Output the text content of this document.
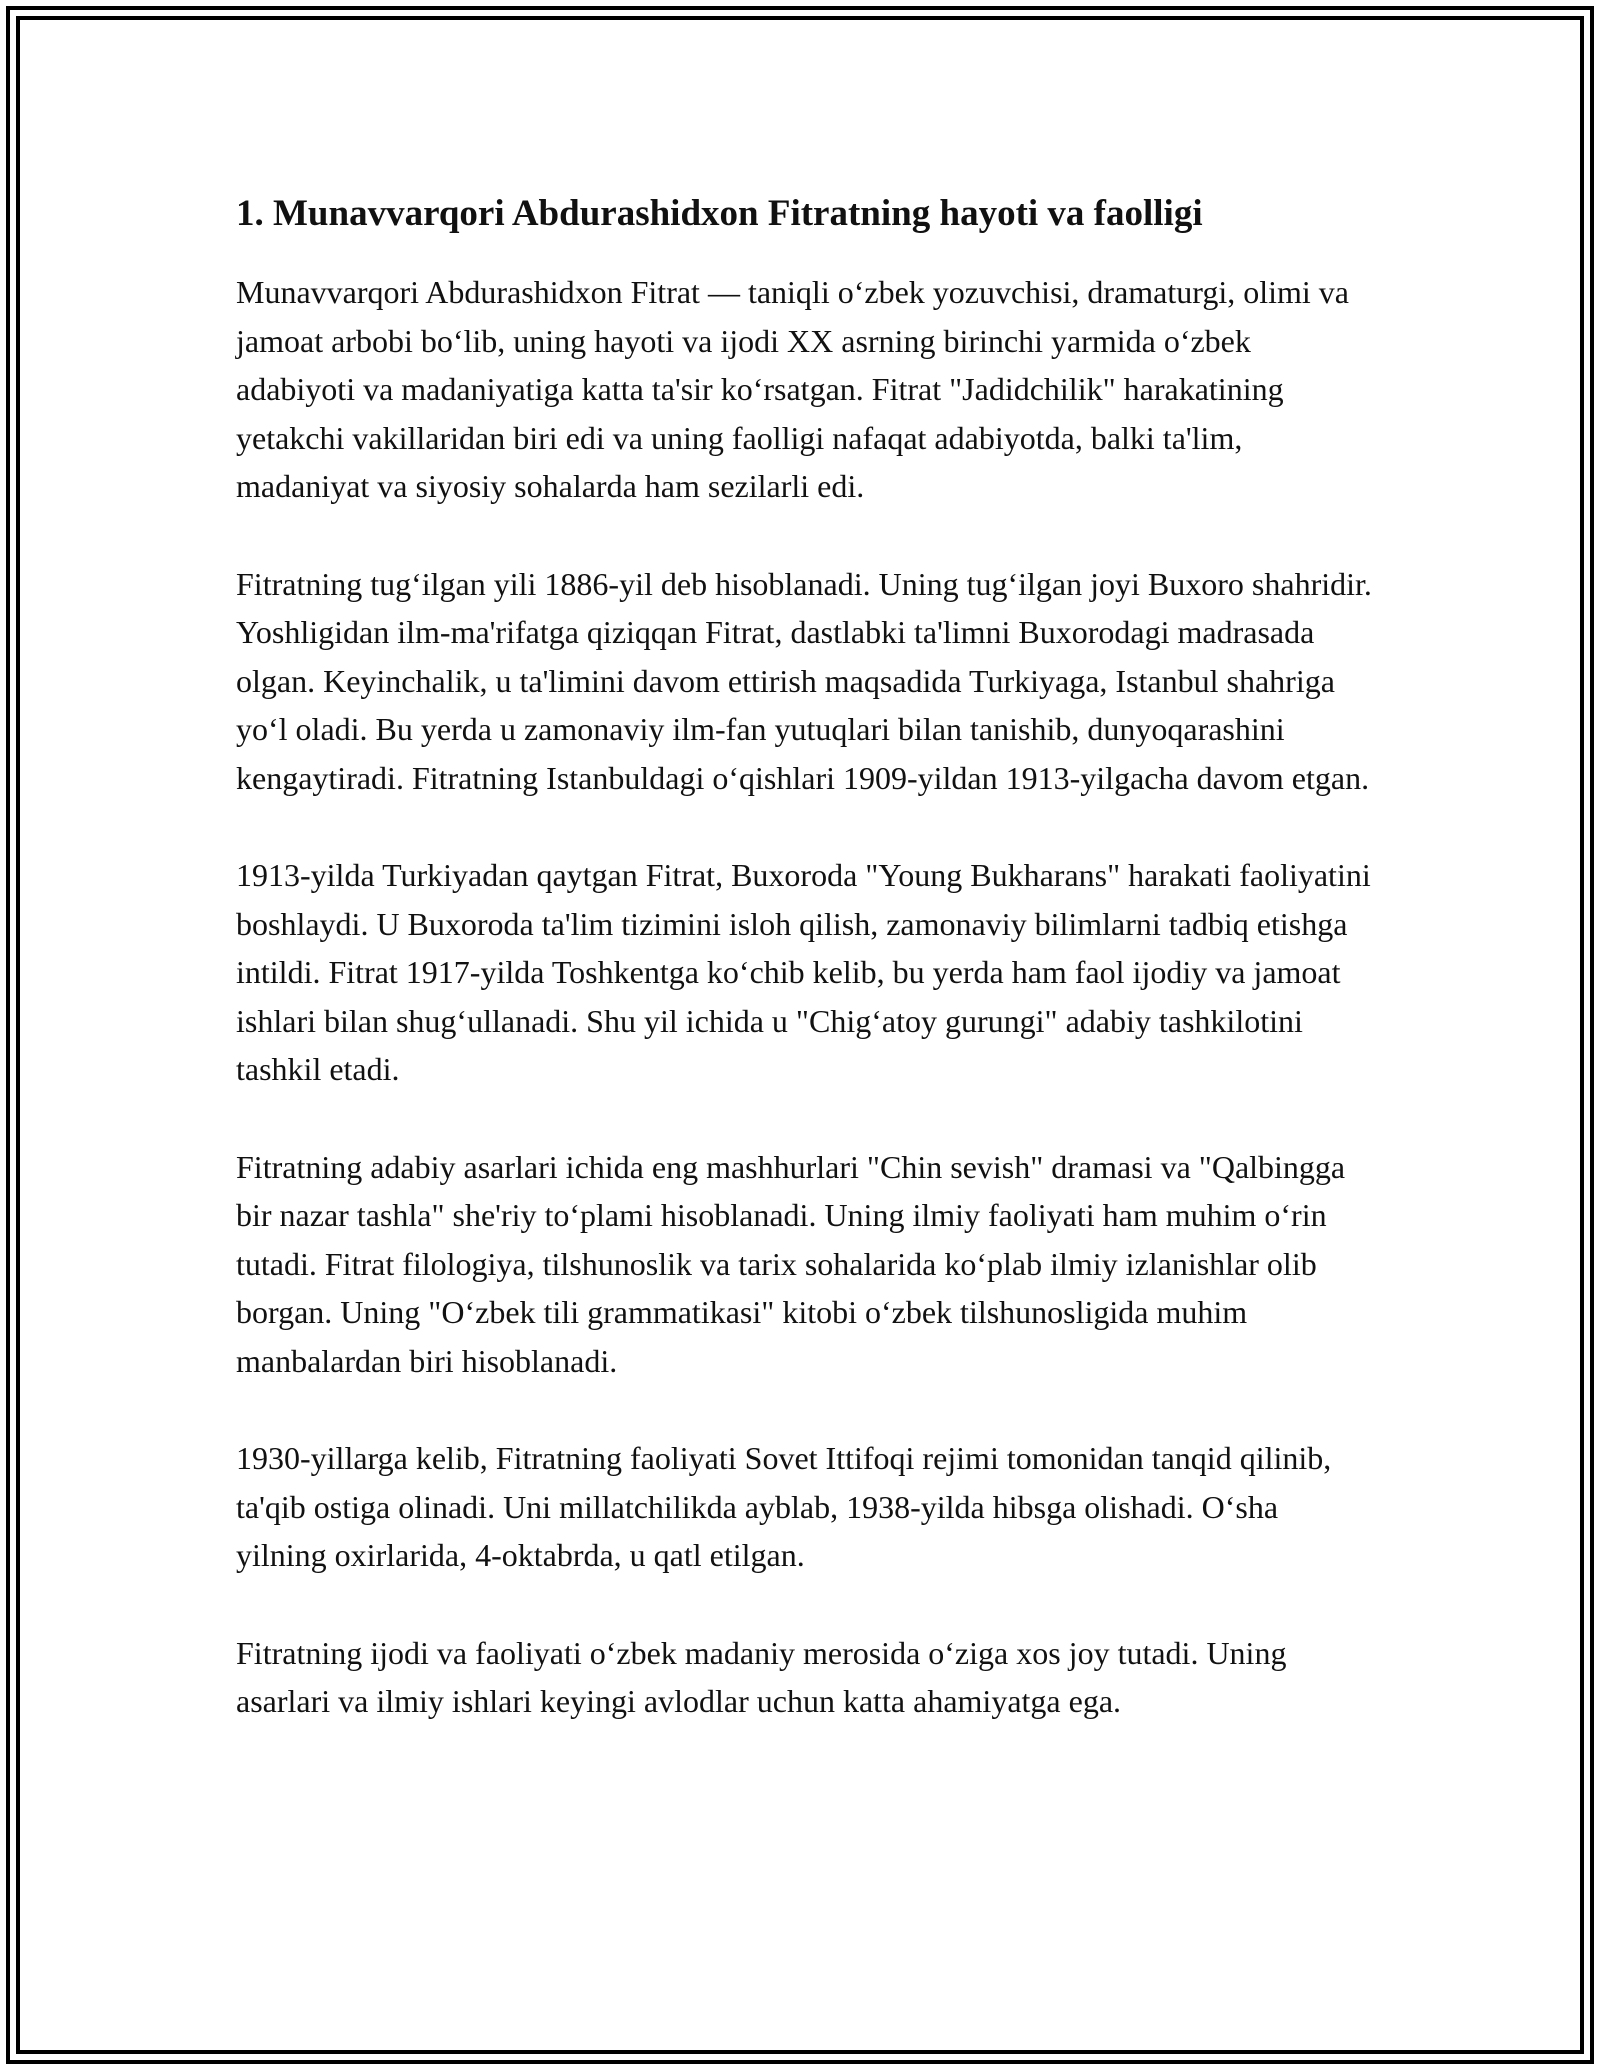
1. Munavvarqori Abdurashidxon Fitratning hayoti va faolligi

Munavvarqori Abdurashidxon Fitrat — taniqli o‘zbek yozuvchisi, dramaturgi, olimi va jamoat arbobi bo‘lib, uning hayoti va ijodi XX asrning birinchi yarmida o‘zbek adabiyoti va madaniyatiga katta ta'sir ko‘rsatgan. Fitrat "Jadidchilik" harakatining yetakchi vakillaridan biri edi va uning faolligi nafaqat adabiyotda, balki ta'lim, madaniyat va siyosiy sohalarda ham sezilarli edi.

Fitratning tug‘ilgan yili 1886-yil deb hisoblanadi. Uning tug‘ilgan joyi Buxoro shahridir. Yoshligidan ilm-ma'rifatga qiziqqan Fitrat, dastlabki ta'limni Buxorodagi madrasada olgan. Keyinchalik, u ta'limini davom ettirish maqsadida Turkiyaga, Istanbul shahriga yo‘l oladi. Bu yerda u zamonaviy ilm-fan yutuqlari bilan tanishib, dunyoqarashini kengaytiradi. Fitratning Istanbuldagi o‘qishlari 1909-yildan 1913-yilgacha davom etgan.

1913-yilda Turkiyadan qaytgan Fitrat, Buxoroda "Young Bukharans" harakati faoliyatini boshlaydi. U Buxoroda ta'lim tizimini isloh qilish, zamonaviy bilimlarni tadbiq etishga intildi. Fitrat 1917-yilda Toshkentga ko‘chib kelib, bu yerda ham faol ijodiy va jamoat ishlari bilan shug‘ullanadi. Shu yil ichida u "Chig‘atoy gurungi" adabiy tashkilotini tashkil etadi.

Fitratning adabiy asarlari ichida eng mashhurlari "Chin sevish" dramasi va "Qalbingga bir nazar tashla" she'riy to‘plami hisoblanadi. Uning ilmiy faoliyati ham muhim o‘rin tutadi. Fitrat filologiya, tilshunoslik va tarix sohalarida ko‘plab ilmiy izlanishlar olib borgan. Uning "O‘zbek tili grammatikasi" kitobi o‘zbek tilshunosligida muhim manbalardan biri hisoblanadi.

1930-yillarga kelib, Fitratning faoliyati Sovet Ittifoqi rejimi tomonidan tanqid qilinib, ta'qib ostiga olinadi. Uni millatchilikda ayblab, 1938-yilda hibsga olishadi. O‘sha yilning oxirlarida, 4-oktabrda, u qatl etilgan.

Fitratning ijodi va faoliyati o‘zbek madaniy merosida o‘ziga xos joy tutadi. Uning asarlari va ilmiy ishlari keyingi avlodlar uchun katta ahamiyatga ega.
